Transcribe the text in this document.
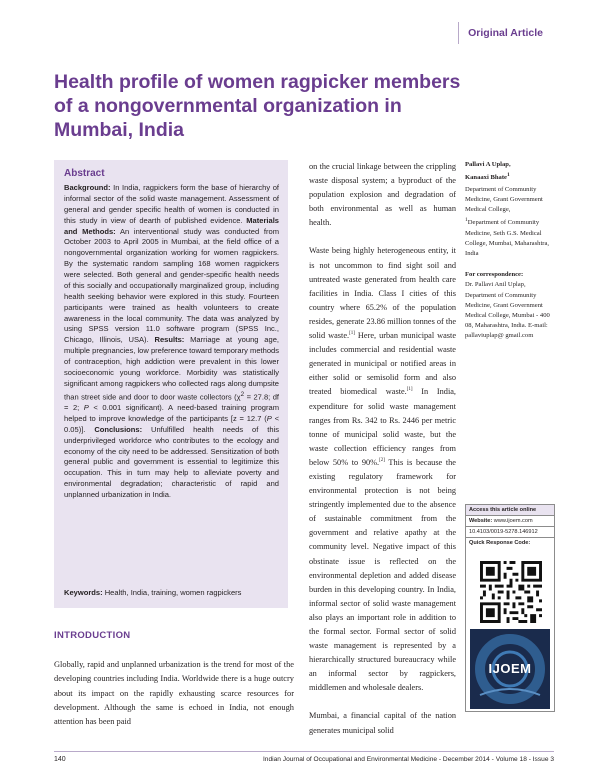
Original Article
Health profile of women ragpicker members
of a nongovernmental organization in
Mumbai, India
Abstract
Background: In India, ragpickers form the base of hierarchy of informal sector of the solid waste management. Assessment of general and gender specific health of women is conducted in this study in view of dearth of published evidence. Materials and Methods: An interventional study was conducted from October 2003 to April 2005 in Mumbai, at the field office of a nongovernmental organization working for women ragpickers. By the systematic random sampling 168 women ragpickers were selected. Both general and gender-specific health needs of this socially and occupationally marginalized group, including health seeking behavior were explored in this study. Fourteen participants were trained as health volunteers to create awareness in the local community. The data was analyzed by using SPSS version 11.0 software program (SPSS Inc., Chicago, Illinois, USA). Results: Marriage at young age, multiple pregnancies, low preference toward temporary methods of contraception, high addiction were prevalent in this lower socioeconomic young workforce. Morbidity was statistically significant among ragpickers who collected rags along dumpsite than street side and door to door waste collectors ($\chi^2 = 27.8$; df = 2; P < 0.001 significant). A need-based training program helped to improve knowledge of the participants [z = 12.7 (P < 0.05)]. Conclusions: Unfulfilled health needs of this underprivileged workforce who contributes to the ecology and economy of the city need to be addressed. Sensitization of both general public and government is essential to legitimize this occupation. This in turn may help to alleviate poverty and environmental degradation; characteristic of rapid and unplanned urbanization in India.
Keywords: Health, India, training, women ragpickers
INTRODUCTION

Globally, rapid and unplanned urbanization is the trend for most of the developing countries including India. Worldwide there is a huge outcry about its impact on the rapidly exhausting scarce resources for development. Although the same is echoed in India, not enough attention has been paid

on the crucial linkage between the crippling waste disposal system; a byproduct of the population explosion and degradation of both environmental as well as human health.

Waste being highly heterogeneous entity, it is not uncommon to find sight soil and untreated waste generated from health care facilities in India. Class I cities of this country where 65.2% of the population resides, generate 23.86 million tonnes of the solid waste.[1] Here, urban municipal waste includes commercial and residential waste generated in municipal or notified areas in either solid or semisolid form and also treated biomedical waste.[1] In India, expenditure for solid waste management ranges from Rs. 342 to Rs. 2446 per metric tonne of municipal solid waste, but the waste collection efficiency ranges from below 50% to 90%.[2] This is because the existing regulatory framework for environmental protection is not being stringently implemented due to the absence of sustainable commitment from the government and relative apathy at the community level. Negative impact of this obstinate issue is reflected on the environmental depletion and added disease burden in this developing country. In India, informal sector of solid waste management also plays an important role in addition to the formal sector. Formal sector of solid waste management is represented by a hierarchically structured bureaucracy while an informal sector by ragpickers, middlemen and wholesale dealers.

Mumbai, a financial capital of the nation generates municipal solid

Pallavi A Uplap,
Kanaaxi Bhate$^1$
Department of Community Medicine, Grant Government Medical College,
$^1$Department of Community Medicine, Seth G.S. Medical College, Mumbai, Maharashtra, India
For correspondence:
Dr. Pallavi Anil Uplap, Department of Community Medicine, Grant Government Medical College, Mumbai - 400 08, Maharashtra, India. E-mail: pallaviuplap@ gmail.com
Access this article online
Website: www.ijoem.com
10.4103/0019-5278.146912
Quick Response Code:
IJOEM
140	Indian Journal of Occupational and Environmental Medicine - December 2014 - Volume 18 - Issue 3
